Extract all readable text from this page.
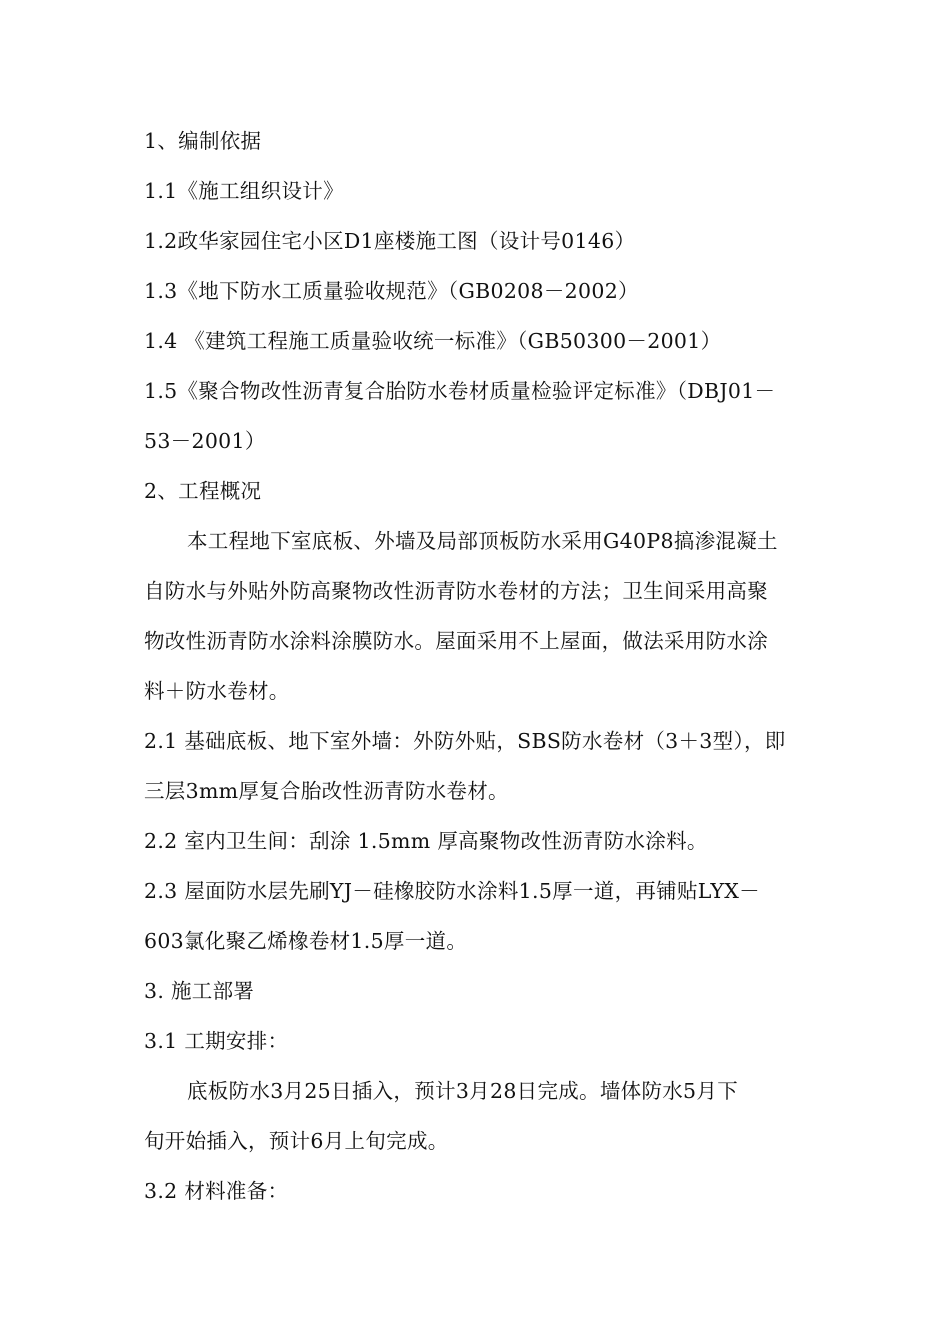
1、编制依据
1.1《施工组织设计》
1.2政华家园住宅小区D1座楼施工图（设计号0146）
1.3《地下防水工质量验收规范》（GB0208－2002）
1.4 《建筑工程施工质量验收统一标准》（GB50300－2001）
1.5《聚合物改性沥青复合胎防水卷材质量检验评定标准》（DBJ01－
53－2001）
2、工程概况
本工程地下室底板、外墙及局部顶板防水采用G40P8搞渗混凝土
自防水与外贴外防高聚物改性沥青防水卷材的方法；卫生间采用高聚
物改性沥青防水涂料涂膜防水。屋面采用不上屋面，做法采用防水涂
料＋防水卷材。
2.1 基础底板、地下室外墙：外防外贴，SBS防水卷材（3＋3型），即
三层3mm厚复合胎改性沥青防水卷材。
2.2 室内卫生间：刮涂 1.5mm 厚高聚物改性沥青防水涂料。
2.3 屋面防水层先刷YJ－硅橡胶防水涂料1.5厚一道，再铺贴LYX－
603氯化聚乙烯橡卷材1.5厚一道。
3. 施工部署
3.1 工期安排：
底板防水3月25日插入，预计3月28日完成。墙体防水5月下
旬开始插入，预计6月上旬完成。
3.2 材料准备：
